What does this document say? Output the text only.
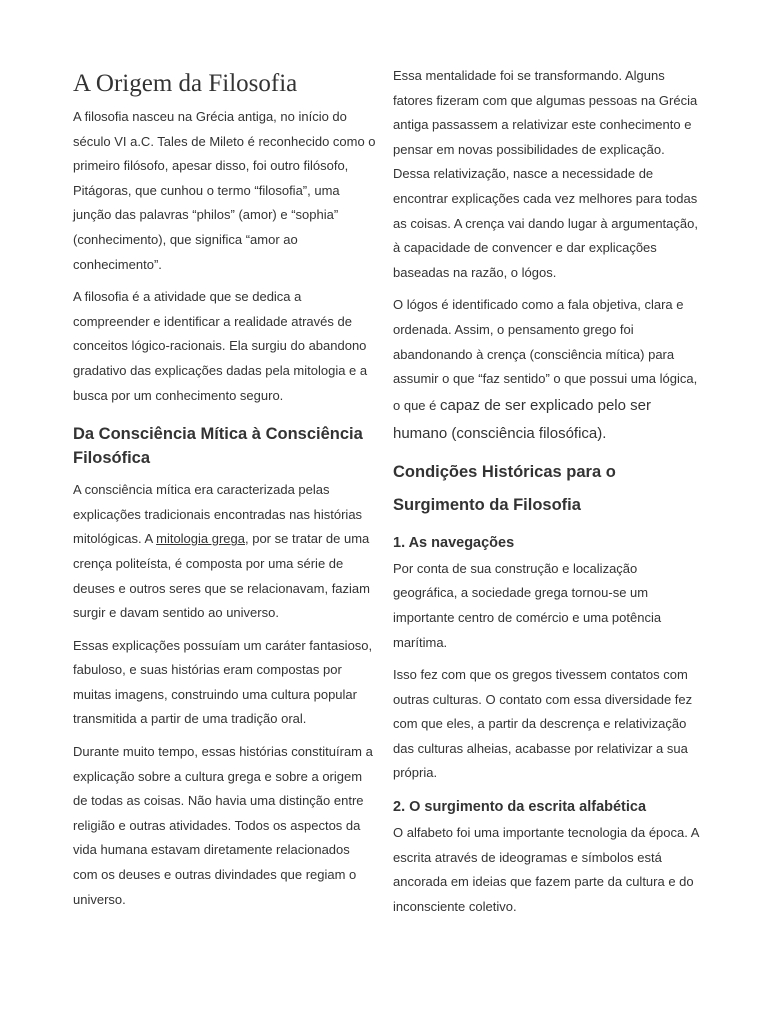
A Origem da Filosofia

A filosofia nasceu na Grécia antiga, no início do século VI a.C. Tales de Mileto é reconhecido como o primeiro filósofo, apesar disso, foi outro filósofo, Pitágoras, que cunhou o termo “filosofia”, uma junção das palavras “philos” (amor) e “sophia” (conhecimento), que significa “amor ao conhecimento”.

A filosofia é a atividade que se dedica a compreender e identificar a realidade através de conceitos lógico-racionais. Ela surgiu do abandono gradativo das explicações dadas pela mitologia e a busca por um conhecimento seguro.

Da Consciência Mítica à Consciência Filosófica

A consciência mítica era caracterizada pelas explicações tradicionais encontradas nas histórias mitológicas. A mitologia grega, por se tratar de uma crença politeísta, é composta por uma série de deuses e outros seres que se relacionavam, faziam surgir e davam sentido ao universo.

Essas explicações possuíam um caráter fantasioso, fabuloso, e suas histórias eram compostas por muitas imagens, construindo uma cultura popular transmitida a partir de uma tradição oral.

Durante muito tempo, essas histórias constituíram a explicação sobre a cultura grega e sobre a origem de todas as coisas. Não havia uma distinção entre religião e outras atividades. Todos os aspectos da vida humana estavam diretamente relacionados com os deuses e outras divindades que regiam o universo.

Essa mentalidade foi se transformando. Alguns fatores fizeram com que algumas pessoas na Grécia antiga passassem a relativizar este conhecimento e pensar em novas possibilidades de explicação. Dessa relativização, nasce a necessidade de encontrar explicações cada vez melhores para todas as coisas. A crença vai dando lugar à argumentação, à capacidade de convencer e dar explicações baseadas na razão, o lógos.

O lógos é identificado como a fala objetiva, clara e ordenada. Assim, o pensamento grego foi abandonando à crença (consciência mítica) para assumir o que “faz sentido” o que possui uma lógica, o que é capaz de ser explicado pelo ser humano (consciência filosófica).

Condições Históricas para o Surgimento da Filosofia
1. As navegações

Por conta de sua construção e localização geográfica, a sociedade grega tornou-se um importante centro de comércio e uma potência marítima.

Isso fez com que os gregos tivessem contatos com outras culturas. O contato com essa diversidade fez com que eles, a partir da descrença e relativização das culturas alheias, acabasse por relativizar a sua própria.

2. O surgimento da escrita alfabética

O alfabeto foi uma importante tecnologia da época. A escrita através de ideogramas e símbolos está ancorada em ideias que fazem parte da cultura e do inconsciente coletivo.
